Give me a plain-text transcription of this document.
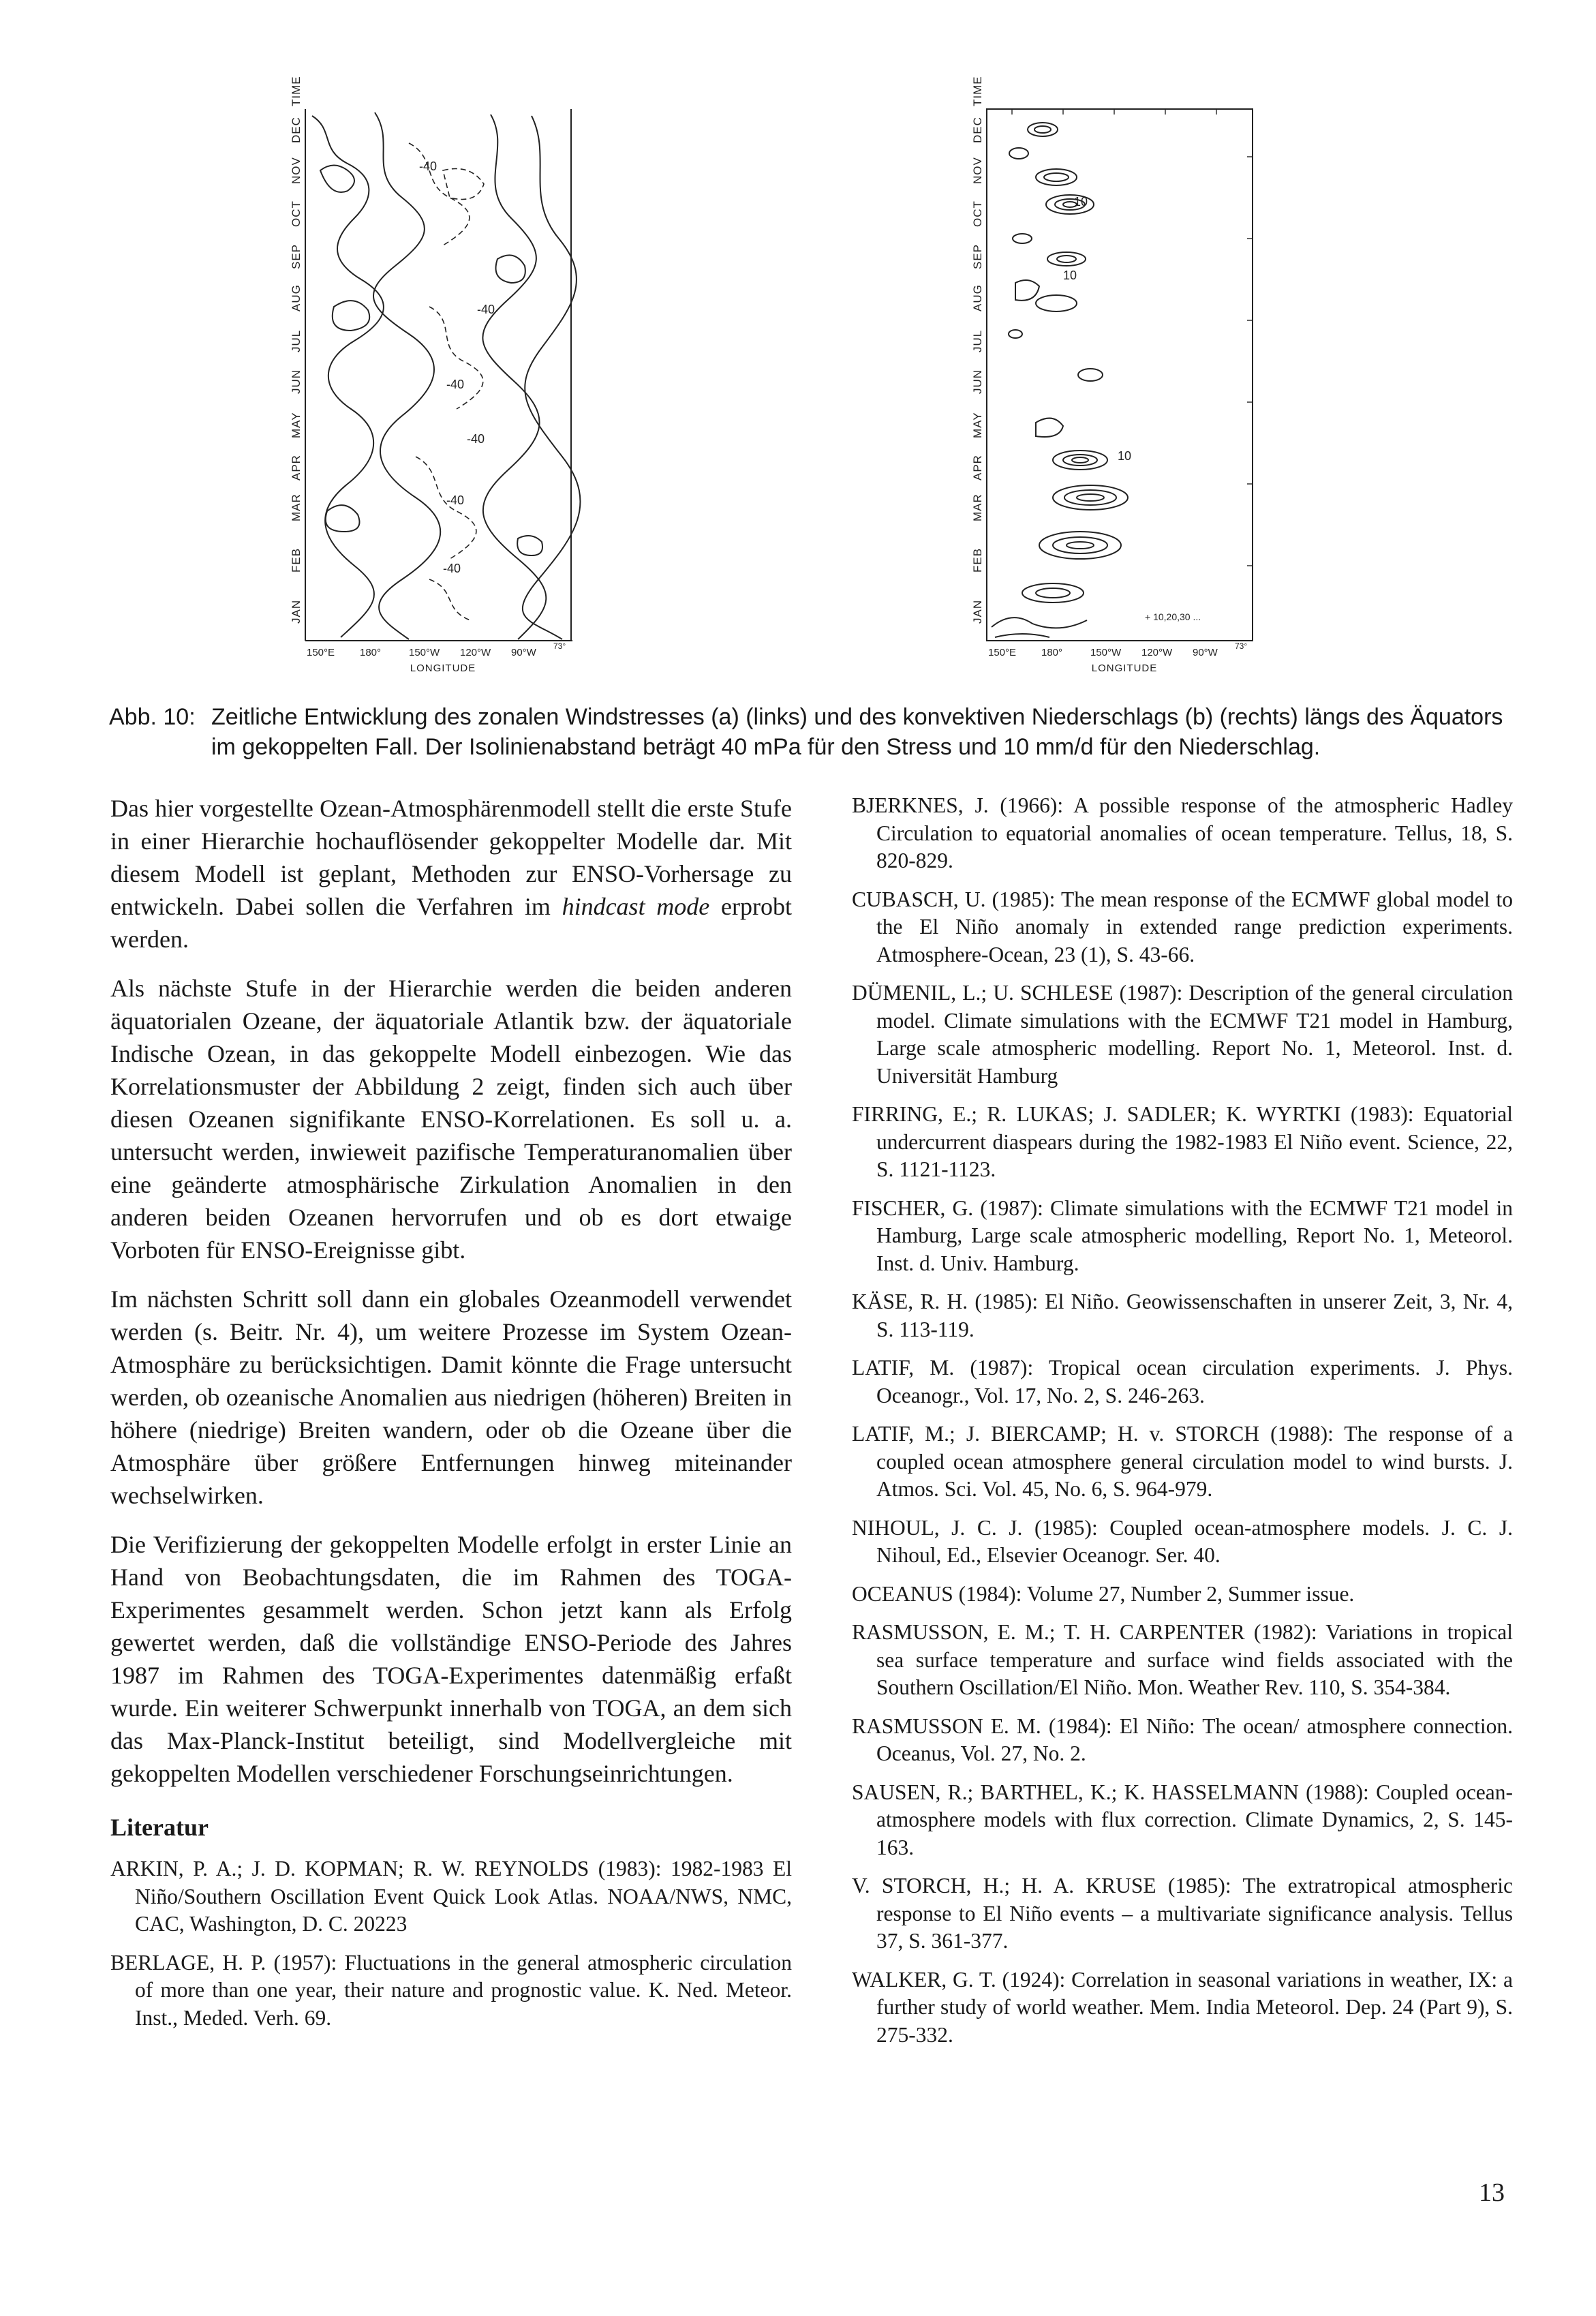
JAN
FEB
MAR
APR
MAY
JUN
JUL
AUG
SEP
OCT
NOV
DEC
TIME
-40
-40
-40
-40
-40
-40
150°E 180°	150°W 120°W 90°W
73°
LONGITUDE
JAN
FEB
MAR
APR
MAY
JUN
JUL
AUG
SEP
OCT
NOV
DEC
TIME
10
10
10
+ 10,20,30 ...
150°E 180°	150°W 120°W 90°W
73°
LONGITUDE
Abb. 10: Zeitliche Entwicklung des zonalen Windstresses (a) (links) und des konvektiven Niederschlags (b) (rechts) längs des Äquators im gekoppelten Fall. Der Isolinienabstand beträgt 40 mPa für den Stress und 10 mm/d für den Niederschlag.

Das hier vorgestellte Ozean-Atmosphärenmodell stellt die erste Stufe in einer Hierarchie hochauflösender gekoppelter Modelle dar. Mit diesem Modell ist geplant, Methoden zur ENSO-Vorhersage zu entwickeln. Dabei sollen die Verfahren im hindcast mode erprobt werden.

Als nächste Stufe in der Hierarchie werden die beiden anderen äquatorialen Ozeane, der äquatoriale Atlantik bzw. der äquatoriale Indische Ozean, in das gekoppelte Modell einbezogen. Wie das Korrelationsmuster der Abbildung 2 zeigt, finden sich auch über diesen Ozeanen signifikante ENSO-Korrelationen. Es soll u. a. untersucht werden, inwieweit pazifische Temperaturanomalien über eine geänderte atmosphärische Zirkulation Anomalien in den anderen beiden Ozeanen hervorrufen und ob es dort etwaige Vorboten für ENSO-Ereignisse gibt.

Im nächsten Schritt soll dann ein globales Ozeanmodell verwendet werden (s. Beitr. Nr. 4), um weitere Prozesse im System Ozean-Atmosphäre zu berücksichtigen. Damit könnte die Frage untersucht werden, ob ozeanische Anomalien aus niedrigen (höheren) Breiten in höhere (niedrige) Breiten wandern, oder ob die Ozeane über die Atmosphäre über größere Entfernungen hinweg miteinander wechselwirken.

Die Verifizierung der gekoppelten Modelle erfolgt in erster Linie an Hand von Beobachtungsdaten, die im Rahmen des TOGA-Experimentes gesammelt werden. Schon jetzt kann als Erfolg gewertet werden, daß die vollständige ENSO-Periode des Jahres 1987 im Rahmen des TOGA-Experimentes datenmäßig erfaßt wurde. Ein weiterer Schwerpunkt innerhalb von TOGA, an dem sich das Max-Planck-Institut beteiligt, sind Modellvergleiche mit gekoppelten Modellen verschiedener Forschungseinrichtungen.

Literatur

ARKIN, P. A.; J. D. KOPMAN; R. W. REYNOLDS (1983): 1982-1983 El Niño/Southern Oscillation Event Quick Look Atlas. NOAA/NWS, NMC, CAC, Washington, D. C. 20223

BERLAGE, H. P. (1957): Fluctuations in the general atmospheric circulation of more than one year, their nature and prognostic value. K. Ned. Meteor. Inst., Meded. Verh. 69.

BJERKNES, J. (1966): A possible response of the atmospheric Hadley Circulation to equatorial anomalies of ocean temperature. Tellus, 18, S. 820-829.

CUBASCH, U. (1985): The mean response of the ECMWF global model to the El Niño anomaly in extended range prediction experiments. Atmosphere-Ocean, 23 (1), S. 43-66.

DÜMENIL, L.; U. SCHLESE (1987): Description of the general circulation model. Climate simulations with the ECMWF T21 model in Hamburg, Large scale atmospheric modelling. Report No. 1, Meteorol. Inst. d. Universität Hamburg

FIRRING, E.; R. LUKAS; J. SADLER; K. WYRTKI (1983): Equatorial undercurrent diaspears during the 1982-1983 El Niño event. Science, 22, S. 1121-1123.

FISCHER, G. (1987): Climate simulations with the ECMWF T21 model in Hamburg, Large scale atmospheric modelling, Report No. 1, Meteorol. Inst. d. Univ. Hamburg.

KÄSE, R. H. (1985): El Niño. Geowissenschaften in unserer Zeit, 3, Nr. 4, S. 113-119.

LATIF, M. (1987): Tropical ocean circulation experiments. J. Phys. Oceanogr., Vol. 17, No. 2, S. 246-263.

LATIF, M.; J. BIERCAMP; H. v. STORCH (1988): The response of a coupled ocean atmosphere general circulation model to wind bursts. J. Atmos. Sci. Vol. 45, No. 6, S. 964-979.

NIHOUL, J. C. J. (1985): Coupled ocean-atmosphere models. J. C. J. Nihoul, Ed., Elsevier Oceanogr. Ser. 40.

OCEANUS (1984): Volume 27, Number 2, Summer issue.

RASMUSSON, E. M.; T. H. CARPENTER (1982): Variations in tropical sea surface temperature and surface wind fields associated with the Southern Oscillation/El Niño. Mon. Weather Rev. 110, S. 354-384.

RASMUSSON E. M. (1984): El Niño: The ocean/ atmosphere connection. Oceanus, Vol. 27, No. 2.

SAUSEN, R.; BARTHEL, K.; K. HASSELMANN (1988): Coupled ocean-atmosphere models with flux correction. Climate Dynamics, 2, S. 145-163.

V. STORCH, H.; H. A. KRUSE (1985): The extratropical atmospheric response to El Niño events – a multivariate significance analysis. Tellus 37, S. 361-377.

WALKER, G. T. (1924): Correlation in seasonal variations in weather, IX: a further study of world weather. Mem. India Meteorol. Dep. 24 (Part 9), S. 275-332.

13
